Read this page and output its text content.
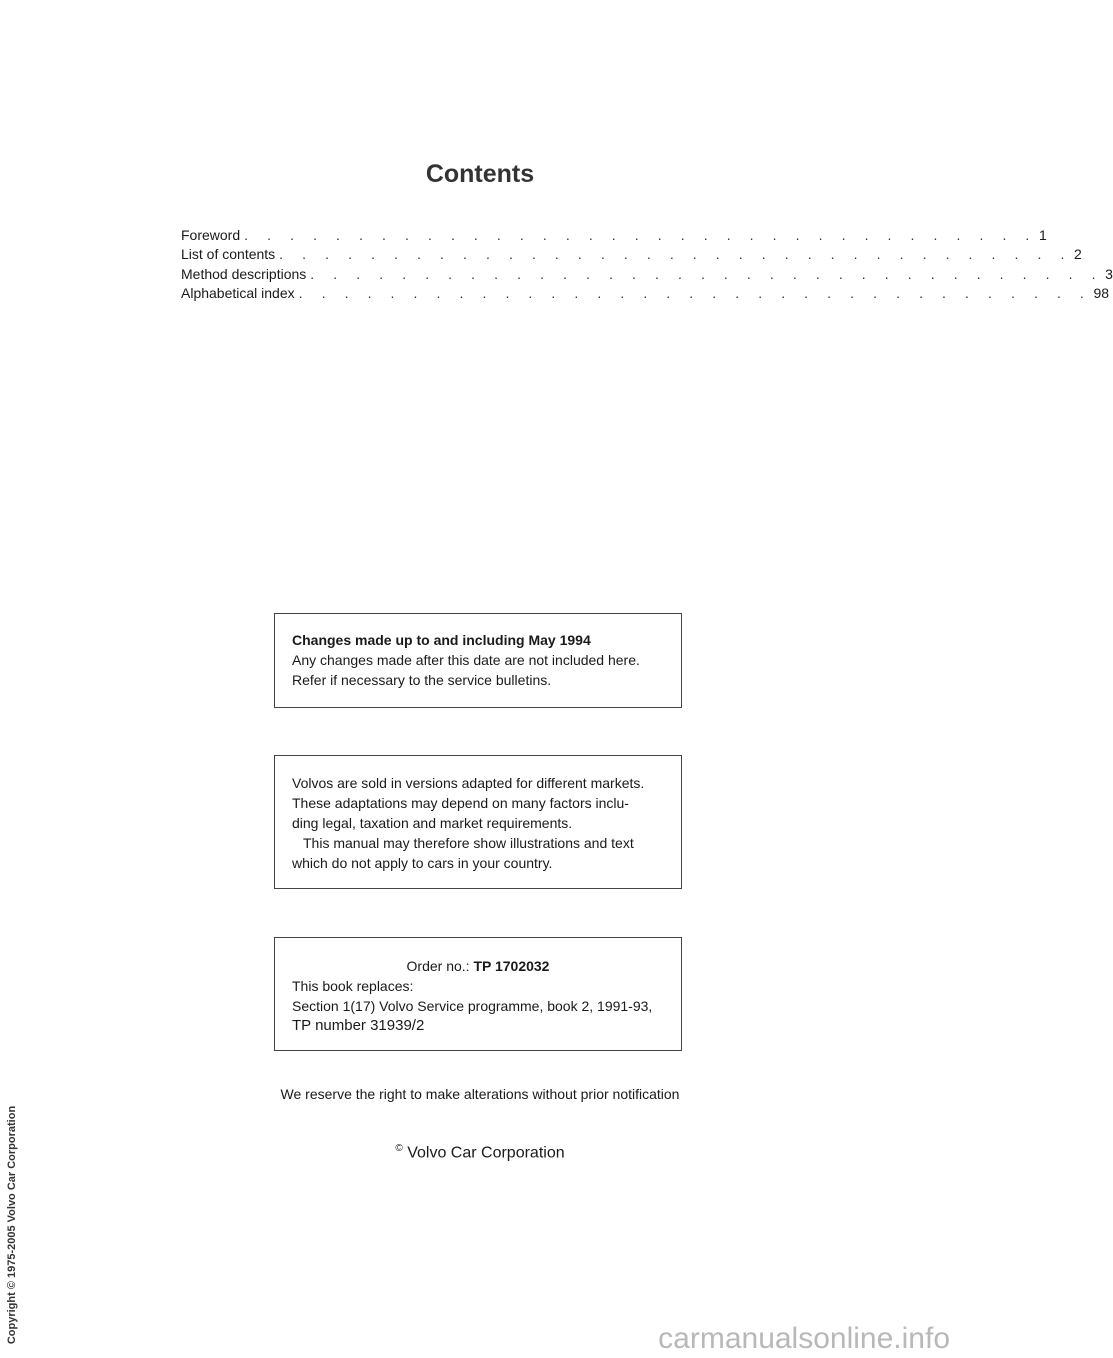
Contents
Foreword . . . . . . . . . . . . . . . . . . . . . . . . . . . . . . . . . . . 1
List of contents . . . . . . . . . . . . . . . . . . . . . . . . . . . . . . . . . . . 2
Method descriptions . . . . . . . . . . . . . . . . . . . . . . . . . . . . . . . . . . . 3
Alphabetical index . . . . . . . . . . . . . . . . . . . . . . . . . . . . . . . . . . . 98
Changes made up to and including May 1994
Any changes made after this date are not included here.
Refer if necessary to the service bulletins.
Volvos are sold in versions adapted for different markets.
These adaptations may depend on many factors inclu-
ding legal, taxation and market requirements.
This manual may therefore show illustrations and text
which do not apply to cars in your country.
Order no.: TP 1702032
This book replaces:
Section 1(17) Volvo Service programme, book 2, 1991-93,
TP number 31939/2
We reserve the right to make alterations without prior notification
© Volvo Car Corporation
Copyright © 1975-2005 Volvo Car Corporation	carmanualsonline.info
